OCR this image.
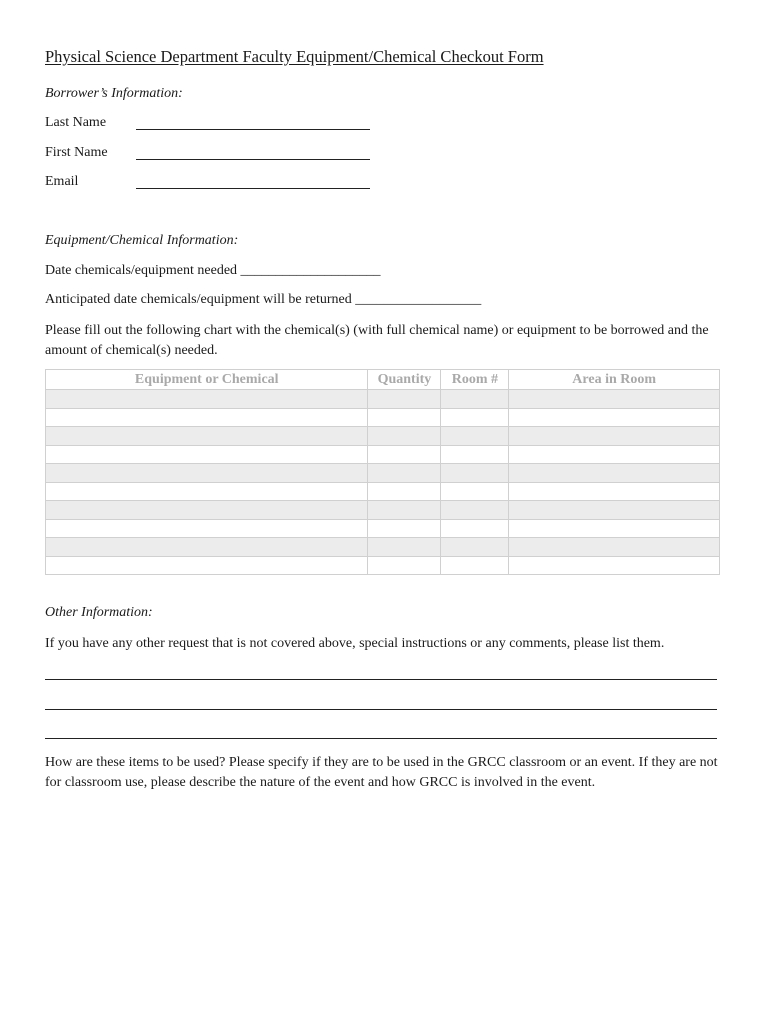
Physical Science Department Faculty Equipment/Chemical Checkout Form
Borrower’s Information:
Last Name
First Name
Email
Equipment/Chemical Information:
Date chemicals/equipment needed ____________________
Anticipated date chemicals/equipment will be returned __________________
Please fill out the following chart with the chemical(s) (with full chemical name) or equipment to be borrowed and the amount of chemical(s) needed.
Equipment or Chemical	Quantity	Room #	Area in Room

Other Information:
If you have any other request that is not covered above, special instructions or any comments, please list them.
How are these items to be used? Please specify if they are to be used in the GRCC classroom or an event. If they are not for classroom use, please describe the nature of the event and how GRCC is involved in the event.
